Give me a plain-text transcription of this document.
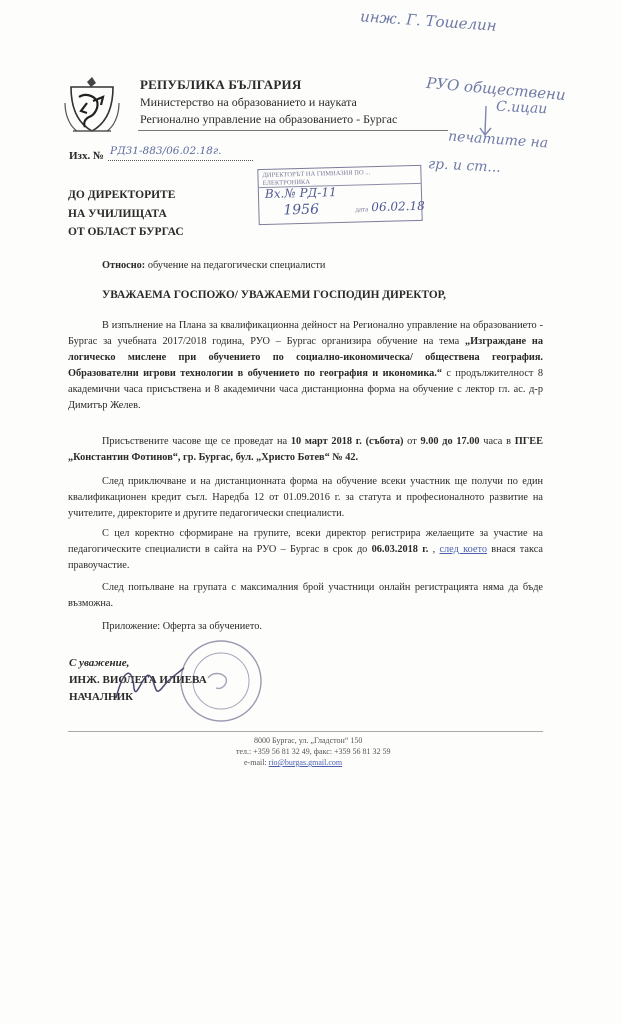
инж. Г. Тошелин
РУО обществени
С.ицаи
печатите на
гр. и ст...
РЕПУБЛИКА БЪЛГАРИЯ
Министерство на образованието и науката
Регионално управление на образованието - Бургас
Изх. № РД31-883/06.02.18г.
ДИРЕКТОРЪТ НА ГИМНАЗИЯ ПО ... ЕЛЕКТРОНИКА
Вх.№ РД-11
1956	дата 06.02.18
ДО ДИРЕКТОРИТЕ
НА УЧИЛИЩАТА
ОТ ОБЛАСТ БУРГАС
Относно: обучение на педагогически специалисти
УВАЖАЕМА ГОСПОЖО/ УВАЖАЕМИ ГОСПОДИН ДИРЕКТОР,
В изпълнение на Плана за квалификационна дейност на Регионално управление на образованието - Бургас за учебната 2017/2018 година, РУО – Бургас организира обучение на тема „Изграждане на логическо мислене при обучението по социално-икономическа/ обществена география. Образователни игрови технологии в обучението по география и икономика.“ с продължителност 8 академични часа присъствена и 8 академични часа дистанционна форма на обучение с лектор гл. ас. д-р Димитър Желев.
Присъствените часове ще се проведат на 10 март 2018 г. (събота) от 9.00 до 17.00 часа в ПГЕЕ „Константин Фотинов“, гр. Бургас, бул. „Христо Ботев“ № 42.
След приключване и на дистанционната форма на обучение всеки участник ще получи по един квалификационен кредит съгл. Наредба 12 от 01.09.2016 г. за статута и професионалното развитие на учителите, директорите и другите педагогически специалисти.
С цел коректно сформиране на групите, всеки директор регистрира желаещите за участие на педагогическите специалисти в сайта на РУО – Бургас в срок до 06.03.2018 г. , след което внася такса правоучастие.
След попълване на групата с максималния брой участници онлайн регистрацията няма да бъде възможна.
Приложение: Оферта за обучението.
С уважение,
ИНЖ. ВИОЛЕТА ИЛИЕВА
НАЧАЛНИК
8000 Бургас, ул. „Гладстон“ 150
тел.: +359 56 81 32 49, факс: +359 56 81 32 59
e-mail: rio@burgas.gmail.com
